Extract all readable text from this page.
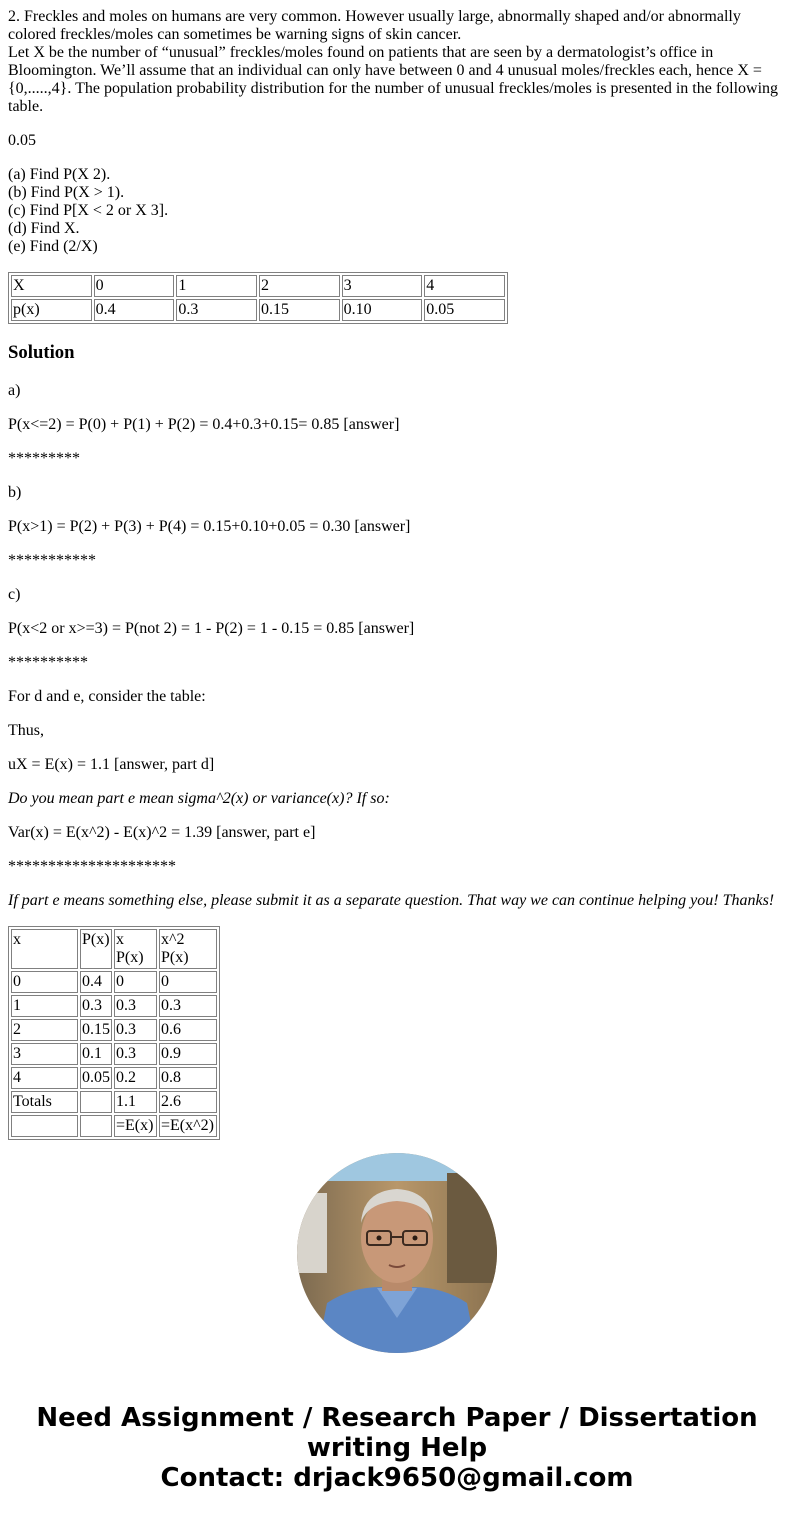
2. Freckles and moles on humans are very common. However usually large, abnormally shaped and/or abnormally colored freckles/moles can sometimes be warning signs of skin cancer.

Let X be the number of “unusual” freckles/moles found on patients that are seen by a dermatologist’s office in Bloomington. We’ll assume that an individual can only have between 0 and 4 unusual moles/freckles each, hence X = {0,.....,4}. The population probability distribution for the number of unusual freckles/moles is presented in the following table.

0.05

(a) Find P(X 2).

(b) Find P(X > 1).

(c) Find P[X < 2 or X 3].

(d) Find X.

(e) Find (2/X)

X	0	1	2	3	4
p(x)	0.4	0.3	0.15	0.10	0.05
Solution

a)

P(x<=2) = P(0) + P(1) + P(2) = 0.4+0.3+0.15= 0.85 [answer]

*********

b)

P(x>1) = P(2) + P(3) + P(4) = 0.15+0.10+0.05 = 0.30 [answer]

***********

c)

P(x<2 or x>=3) = P(not 2) = 1 - P(2) = 1 - 0.15 = 0.85 [answer]

**********

For d and e, consider the table:

Thus,

uX = E(x) = 1.1 [answer, part d]

Do you mean part e mean sigma^2(x) or variance(x)? If so:

Var(x) = E(x^2) - E(x)^2 = 1.39 [answer, part e]

*********************

If part e means something else, please submit it as a separate question. That way we can continue helping you! Thanks!

x	P(x)	x P(x)	x^2 P(x)
0	0.4	0	0
1	0.3	0.3	0.3
2	0.15	0.3	0.6
3	0.1	0.3	0.9
4	0.05	0.2	0.8
Totals		1.1	2.6
		=E(x)	=E(x^2)
Need Assignment / Research Paper / Dissertation
writing Help
Contact: drjack9650@gmail.com
